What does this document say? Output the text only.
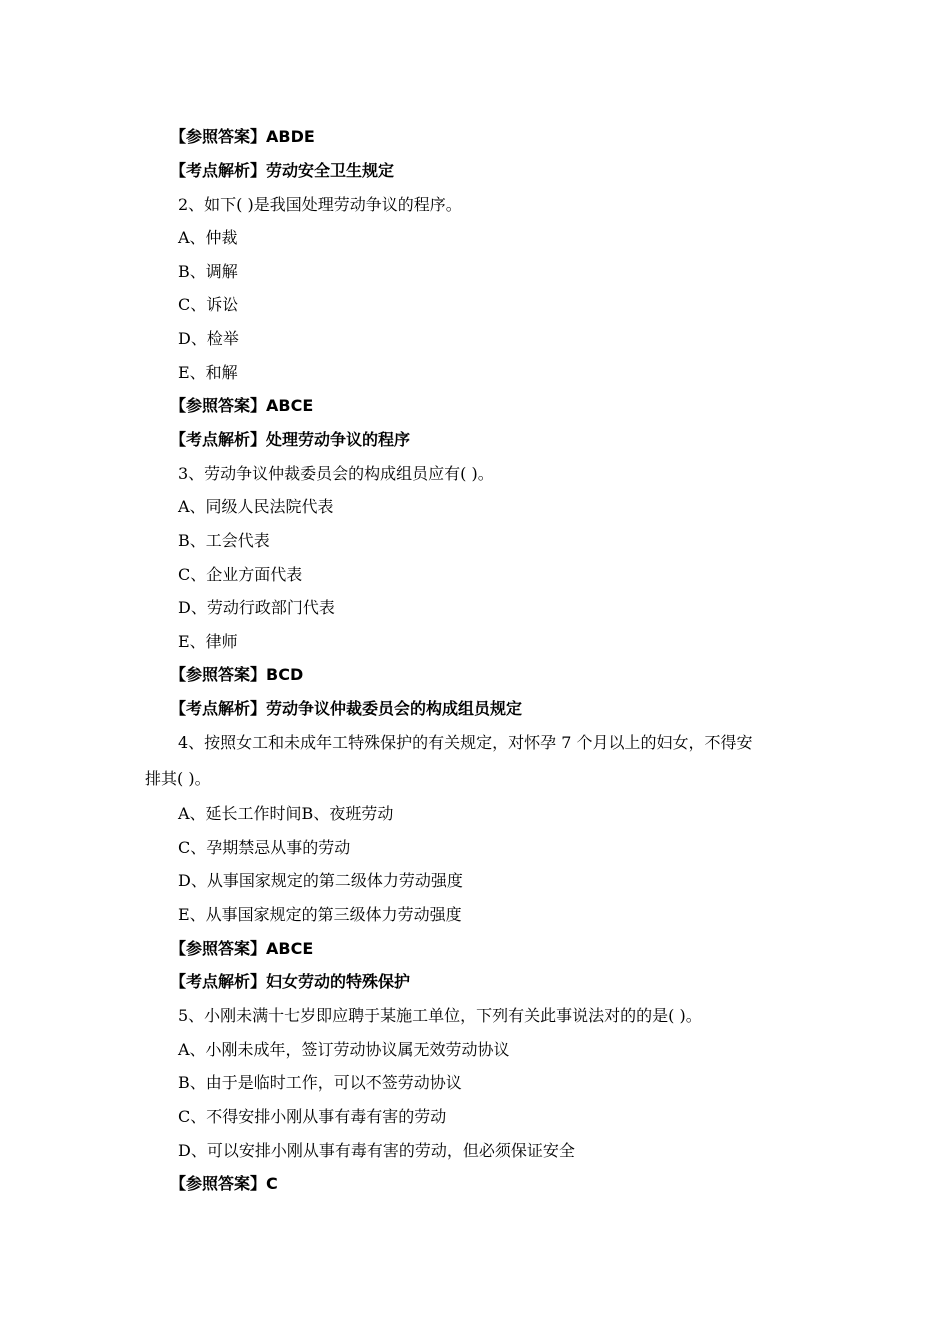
【参照答案】ABDE
【考点解析】劳动安全卫生规定
2、如下( )是我国处理劳动争议的程序。
A、仲裁
B、调解
C、诉讼
D、检举
E、和解
【参照答案】ABCE
【考点解析】处理劳动争议的程序
3、劳动争议仲裁委员会的构成组员应有( )。
A、同级人民法院代表
B、工会代表
C、企业方面代表
D、劳动行政部门代表
E、律师
【参照答案】BCD
【考点解析】劳动争议仲裁委员会的构成组员规定
4、按照女工和未成年工特殊保护的有关规定，对怀孕 7 个月以上的妇女，不得安
排其( )。
A、延长工作时间B、夜班劳动
C、孕期禁忌从事的劳动
D、从事国家规定的第二级体力劳动强度
E、从事国家规定的第三级体力劳动强度
【参照答案】ABCE
【考点解析】妇女劳动的特殊保护
5、小刚未满十七岁即应聘于某施工单位，下列有关此事说法对的的是( )。
A、小刚未成年，签订劳动协议属无效劳动协议
B、由于是临时工作，可以不签劳动协议
C、不得安排小刚从事有毒有害的劳动
D、可以安排小刚从事有毒有害的劳动，但必须保证安全
【参照答案】C
